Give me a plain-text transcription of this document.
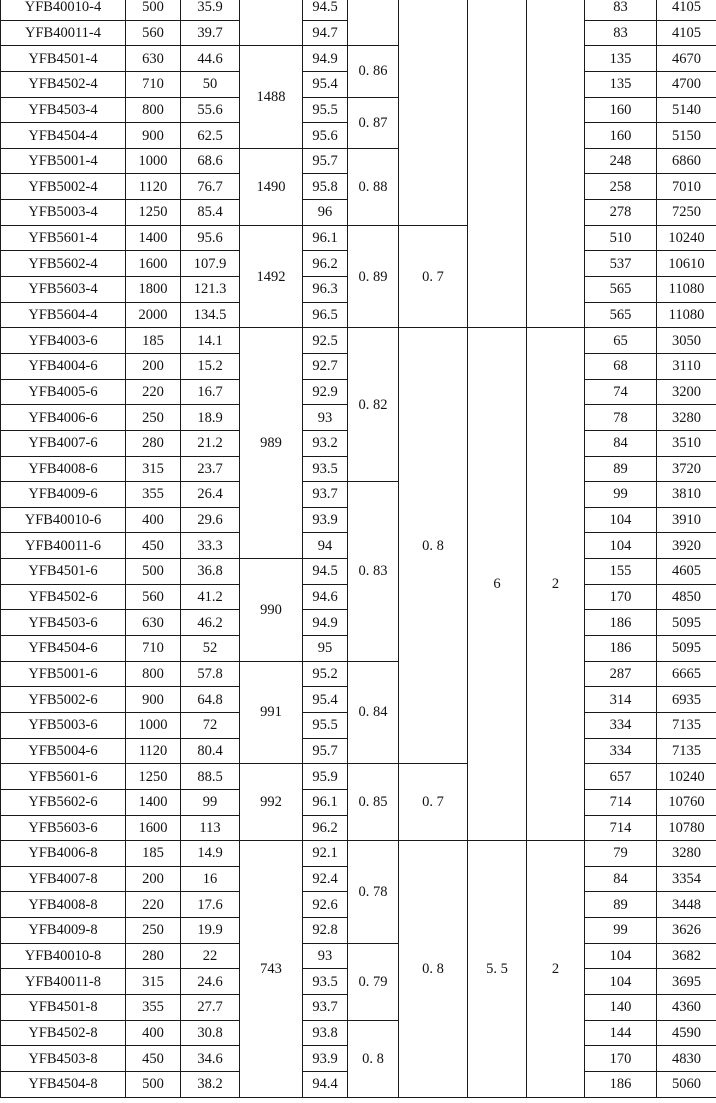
YFB40010-4	500	35.9		94.5					83	4105
YFB40011-4	560	39.7		94.7					83	4105
YFB4501-4	630	44.6	1488	94.9	0. 86				135	4670
YFB4502-4	710	50		95.4					135	4700
YFB4503-4	800	55.6		95.5	0. 87				160	5140
YFB4504-4	900	62.5		95.6					160	5150
YFB5001-4	1000	68.6	1490	95.7	0. 88				248	6860
YFB5002-4	1120	76.7		95.8					258	7010
YFB5003-4	1250	85.4		96					278	7250
YFB5601-4	1400	95.6	1492	96.1	0. 89	0. 7			510	10240
YFB5602-4	1600	107.9		96.2					537	10610
YFB5603-4	1800	121.3		96.3					565	11080
YFB5604-4	2000	134.5		96.5					565	11080
YFB4003-6	185	14.1	989	92.5	0. 82	0. 8	6	2	65	3050
YFB4004-6	200	15.2		92.7					68	3110
YFB4005-6	220	16.7		92.9					74	3200
YFB4006-6	250	18.9		93					78	3280
YFB4007-6	280	21.2		93.2					84	3510
YFB4008-6	315	23.7		93.5					89	3720
YFB4009-6	355	26.4		93.7	0. 83				99	3810
YFB40010-6	400	29.6		93.9					104	3910
YFB40011-6	450	33.3		94					104	3920
YFB4501-6	500	36.8	990	94.5					155	4605
YFB4502-6	560	41.2		94.6					170	4850
YFB4503-6	630	46.2		94.9					186	5095
YFB4504-6	710	52		95					186	5095
YFB5001-6	800	57.8	991	95.2	0. 84				287	6665
YFB5002-6	900	64.8		95.4					314	6935
YFB5003-6	1000	72		95.5					334	7135
YFB5004-6	1120	80.4		95.7					334	7135
YFB5601-6	1250	88.5	992	95.9	0. 85	0. 7			657	10240
YFB5602-6	1400	99		96.1					714	10760
YFB5603-6	1600	113		96.2					714	10780
YFB4006-8	185	14.9	743	92.1	0. 78	0. 8	5. 5	2	79	3280
YFB4007-8	200	16		92.4					84	3354
YFB4008-8	220	17.6		92.6					89	3448
YFB4009-8	250	19.9		92.8					99	3626
YFB40010-8	280	22		93	0. 79				104	3682
YFB40011-8	315	24.6		93.5					104	3695
YFB4501-8	355	27.7		93.7					140	4360
YFB4502-8	400	30.8		93.8	0. 8				144	4590
YFB4503-8	450	34.6		93.9					170	4830
YFB4504-8	500	38.2		94.4					186	5060
